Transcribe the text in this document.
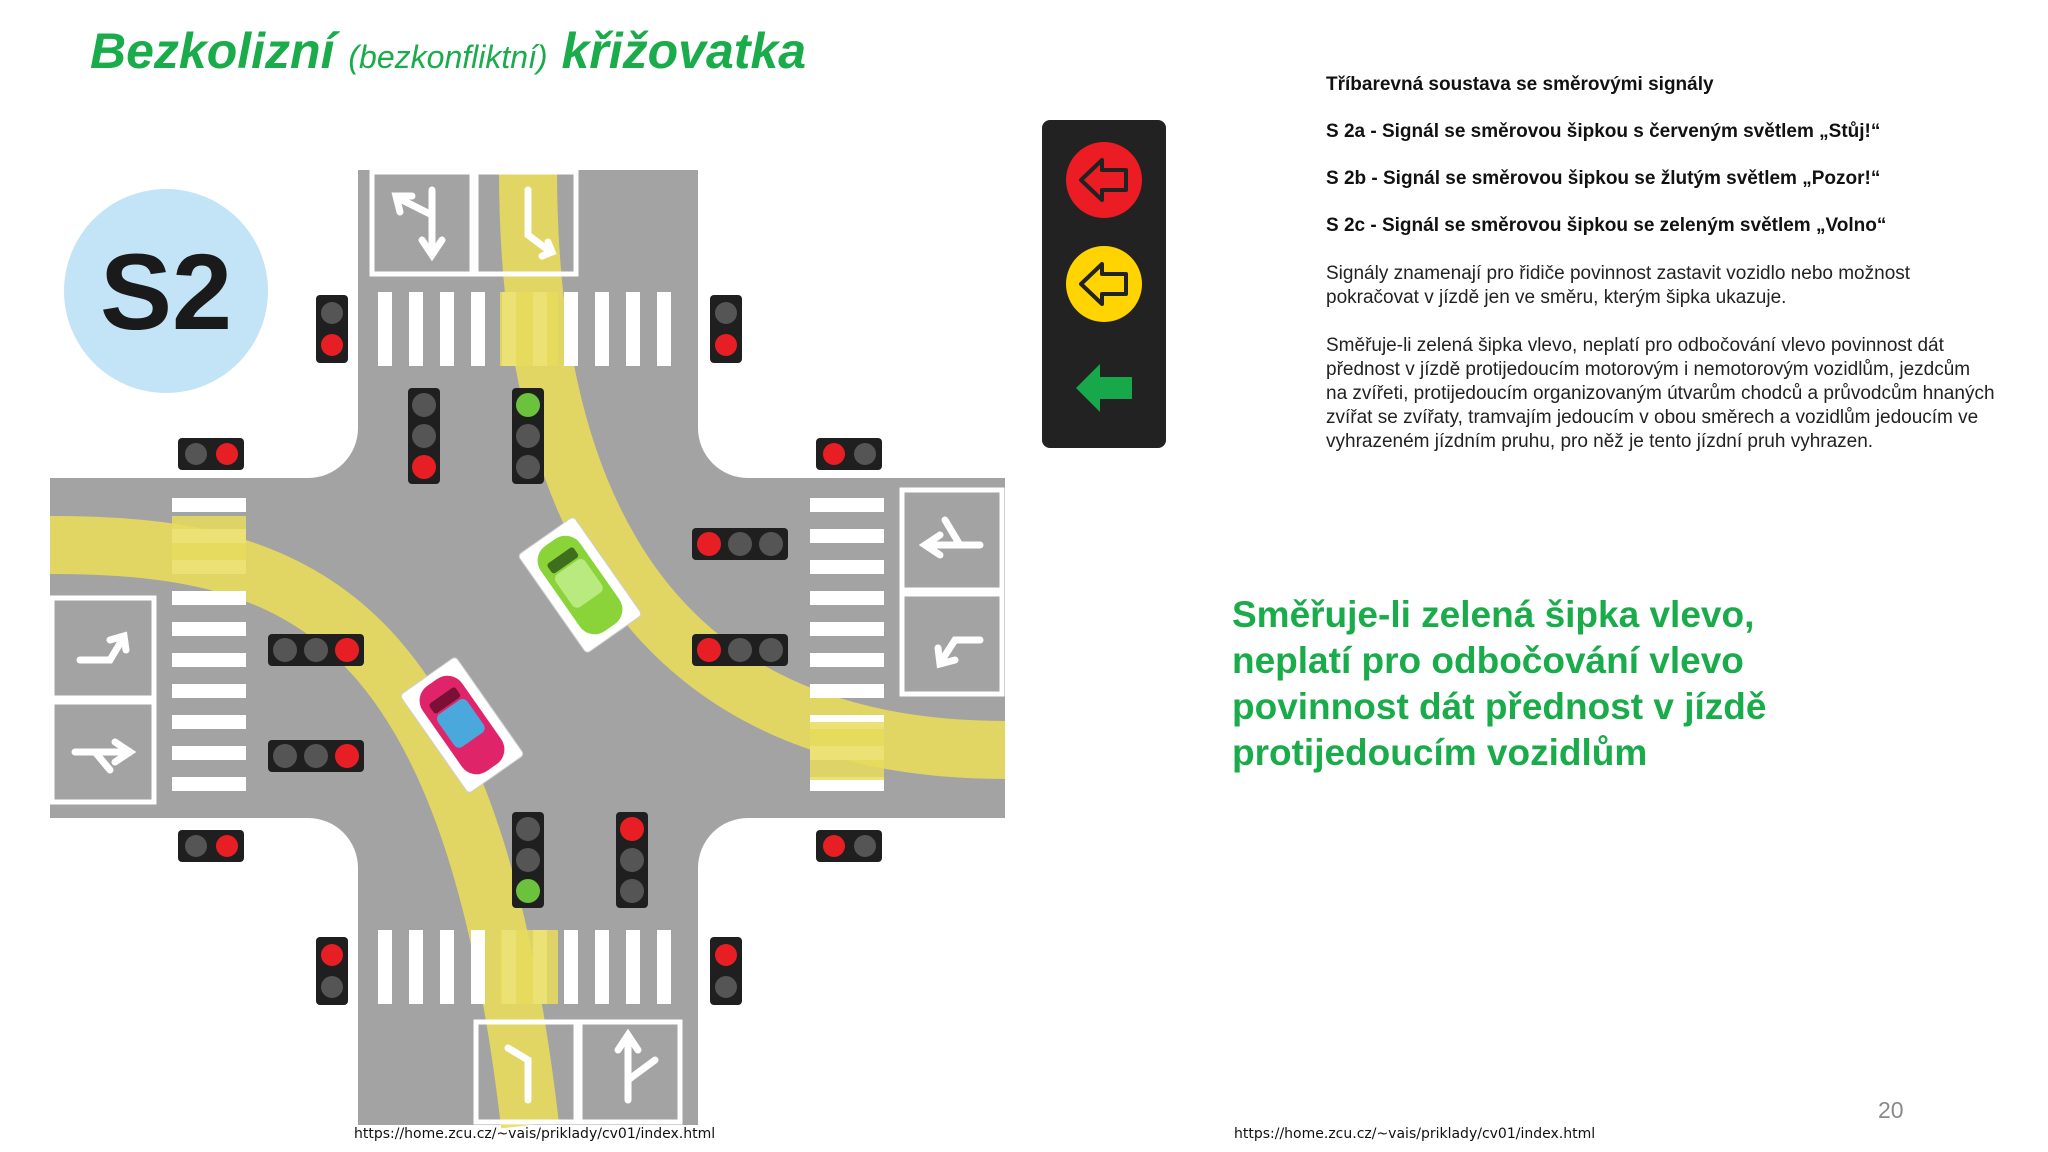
Bezkolizní (bezkonfliktní) křižovatka
S2

Tříbarevná soustava se směrovými signály

S 2a - Signál se směrovou šipkou s červeným světlem „Stůj!“

S 2b - Signál se směrovou šipkou se žlutým světlem „Pozor!“

S 2c - Signál se směrovou šipkou se zeleným světlem „Volno“

Signály znamenají pro řidiče povinnost zastavit vozidlo nebo možnost pokračovat v jízdě jen ve směru, kterým šipka ukazuje.

Směřuje-li zelená šipka vlevo, neplatí pro odbočování vlevo povinnost dát přednost v jízdě protijedoucím motorovým i nemotorovým vozidlům, jezdcům na zvířeti, protijedoucím organizovaným útvarům chodců a průvodcům hnaných zvířat se zvířaty, tramvajím jedoucím v obou směrech a vozidlům jedoucím ve vyhrazeném jízdním pruhu, pro něž je tento jízdní pruh vyhrazen.

Směřuje-li zelená šipka vlevo, neplatí pro odbočování vlevo povinnost dát přednost v jízdě protijedoucím vozidlům

https://home.zcu.cz/~vais/priklady/cv01/index.html	https://home.zcu.cz/~vais/priklady/cv01/index.html
20
